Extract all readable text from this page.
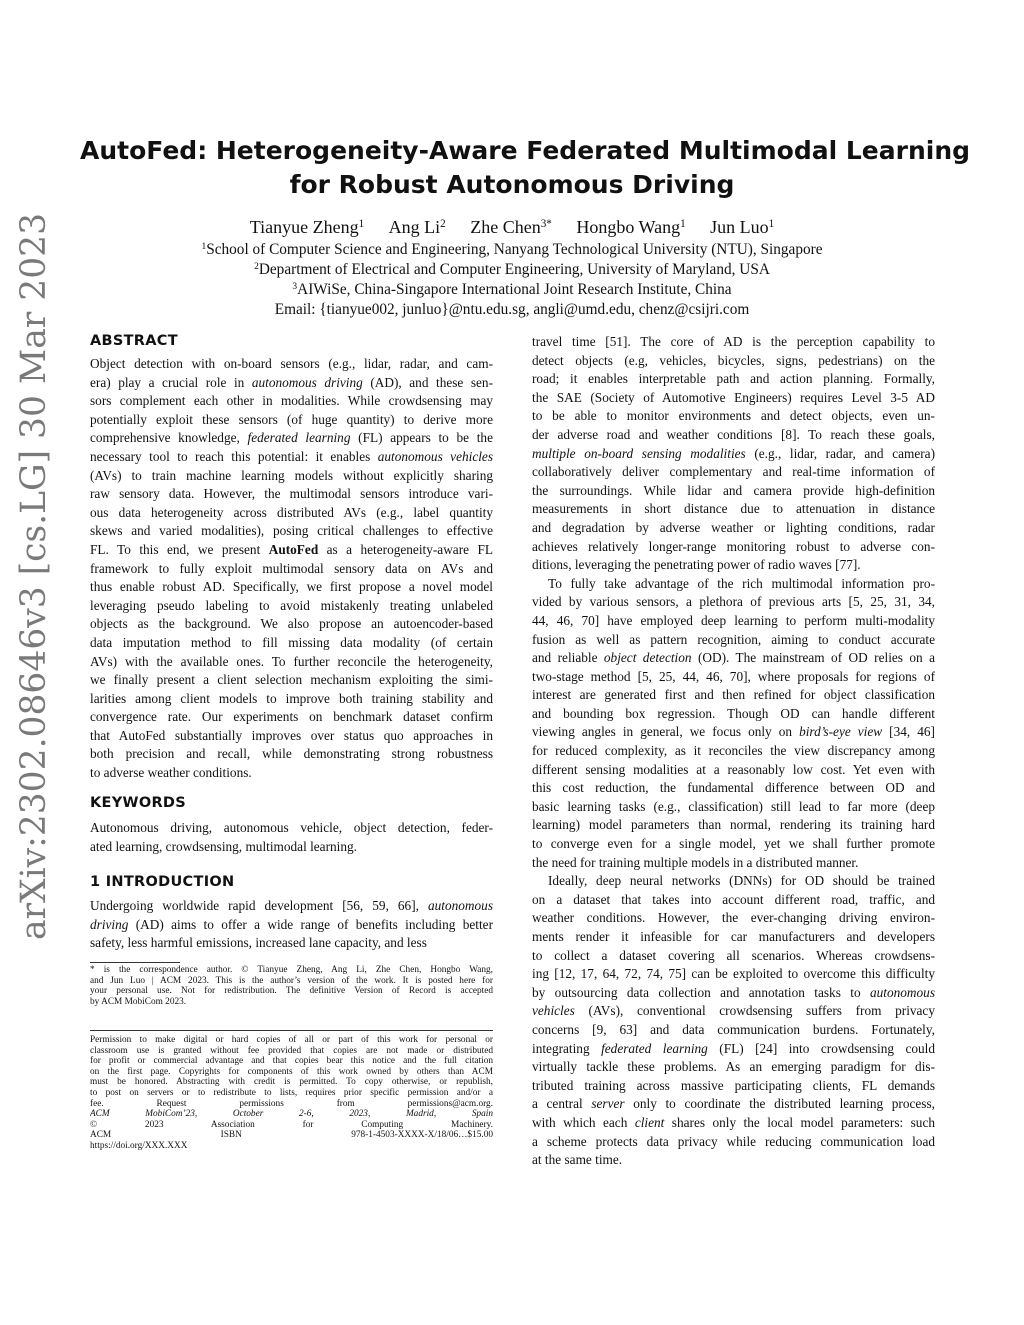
arXiv:2302.08646v3 [cs.LG] 30 Mar 2023
AutoFed: Heterogeneity-Aware Federated Multimodal Learning
for Robust Autonomous Driving
Tianyue Zheng$^1$ Ang Li$^2$ Zhe Chen$^{3*}$ Hongbo Wang$^1$ Jun Luo$^1$
$^1$School of Computer Science and Engineering, Nanyang Technological University (NTU), Singapore
$^2$Department of Electrical and Computer Engineering, University of Maryland, USA
$^3$AIWiSe, China-Singapore International Joint Research Institute, China
Email: {tianyue002, junluo}@ntu.edu.sg, angli@umd.edu, chenz@csijri.com
ABSTRACT
Object detection with on-board sensors (e.g., lidar, radar, and cam-
era) play a crucial role in autonomous driving (AD), and these sen-
sors complement each other in modalities. While crowdsensing may
potentially exploit these sensors (of huge quantity) to derive more
comprehensive knowledge, federated learning (FL) appears to be the
necessary tool to reach this potential: it enables autonomous vehicles
(AVs) to train machine learning models without explicitly sharing
raw sensory data. However, the multimodal sensors introduce vari-
ous data heterogeneity across distributed AVs (e.g., label quantity
skews and varied modalities), posing critical challenges to effective
FL. To this end, we present AutoFed as a heterogeneity-aware FL
framework to fully exploit multimodal sensory data on AVs and
thus enable robust AD. Specifically, we first propose a novel model
leveraging pseudo labeling to avoid mistakenly treating unlabeled
objects as the background. We also propose an autoencoder-based
data imputation method to fill missing data modality (of certain
AVs) with the available ones. To further reconcile the heterogeneity,
we finally present a client selection mechanism exploiting the simi-
larities among client models to improve both training stability and
convergence rate. Our experiments on benchmark dataset confirm
that AutoFed substantially improves over status quo approaches in
both precision and recall, while demonstrating strong robustness
to adverse weather conditions.
KEYWORDS
Autonomous driving, autonomous vehicle, object detection, feder-
ated learning, crowdsensing, multimodal learning.
1 INTRODUCTION
Undergoing worldwide rapid development [56, 59, 66], autonomous
driving (AD) aims to offer a wide range of benefits including better
safety, less harmful emissions, increased lane capacity, and less
* is the correspondence author. © Tianyue Zheng, Ang Li, Zhe Chen, Hongbo Wang,
and Jun Luo | ACM 2023. This is the author’s version of the work. It is posted here for
your personal use. Not for redistribution. The definitive Version of Record is accepted
by ACM MobiCom 2023.
Permission to make digital or hard copies of all or part of this work for personal or
classroom use is granted without fee provided that copies are not made or distributed
for profit or commercial advantage and that copies bear this notice and the full citation
on the first page. Copyrights for components of this work owned by others than ACM
must be honored. Abstracting with credit is permitted. To copy otherwise, or republish,
to post on servers or to redistribute to lists, requires prior specific permission and/or a
fee. Request permissions from permissions@acm.org.
ACM MobiCom’23, October 2-6, 2023, Madrid, Spain
© 2023 Association for Computing Machinery.
ACM ISBN 978-1-4503-XXXX-X/18/06…$15.00
https://doi.org/XXX.XXX
travel time [51]. The core of AD is the perception capability to
detect objects (e.g, vehicles, bicycles, signs, pedestrians) on the
road; it enables interpretable path and action planning. Formally,
the SAE (Society of Automotive Engineers) requires Level 3-5 AD
to be able to monitor environments and detect objects, even un-
der adverse road and weather conditions [8]. To reach these goals,
multiple on-board sensing modalities (e.g., lidar, radar, and camera)
collaboratively deliver complementary and real-time information of
the surroundings. While lidar and camera provide high-definition
measurements in short distance due to attenuation in distance
and degradation by adverse weather or lighting conditions, radar
achieves relatively longer-range monitoring robust to adverse con-
ditions, leveraging the penetrating power of radio waves [77].
To fully take advantage of the rich multimodal information pro-
vided by various sensors, a plethora of previous arts [5, 25, 31, 34,
44, 46, 70] have employed deep learning to perform multi-modality
fusion as well as pattern recognition, aiming to conduct accurate
and reliable object detection (OD). The mainstream of OD relies on a
two-stage method [5, 25, 44, 46, 70], where proposals for regions of
interest are generated first and then refined for object classification
and bounding box regression. Though OD can handle different
viewing angles in general, we focus only on bird’s-eye view [34, 46]
for reduced complexity, as it reconciles the view discrepancy among
different sensing modalities at a reasonably low cost. Yet even with
this cost reduction, the fundamental difference between OD and
basic learning tasks (e.g., classification) still lead to far more (deep
learning) model parameters than normal, rendering its training hard
to converge even for a single model, yet we shall further promote
the need for training multiple models in a distributed manner.
Ideally, deep neural networks (DNNs) for OD should be trained
on a dataset that takes into account different road, traffic, and
weather conditions. However, the ever-changing driving environ-
ments render it infeasible for car manufacturers and developers
to collect a dataset covering all scenarios. Whereas crowdsens-
ing [12, 17, 64, 72, 74, 75] can be exploited to overcome this difficulty
by outsourcing data collection and annotation tasks to autonomous
vehicles (AVs), conventional crowdsensing suffers from privacy
concerns [9, 63] and data communication burdens. Fortunately,
integrating federated learning (FL) [24] into crowdsensing could
virtually tackle these problems. As an emerging paradigm for dis-
tributed training across massive participating clients, FL demands
a central server only to coordinate the distributed learning process,
with which each client shares only the local model parameters: such
a scheme protects data privacy while reducing communication load
at the same time.
